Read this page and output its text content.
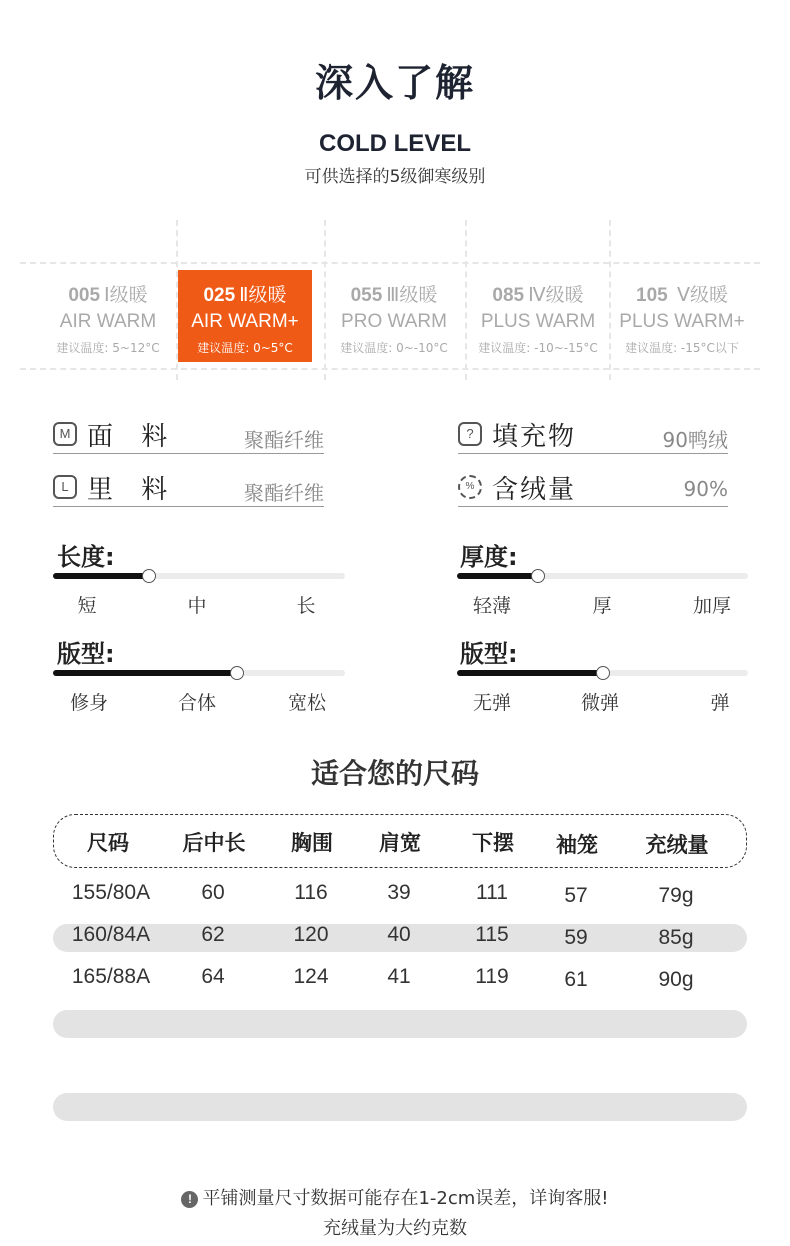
深入了解
COLD LEVEL
可供选择的5级御寒级别
005 Ⅰ级暖
AIR WARM
建议温度: 5~12°C
025 Ⅱ级暖
AIR WARM+
建议温度: 0~5°C
055 Ⅲ级暖
PRO WARM
建议温度: 0~-10°C
085 Ⅳ级暖
PLUS WARM
建议温度: -10~-15°C
105 Ⅴ级暖
PLUS WARM+
建议温度: -15°C以下
M 面 料	聚酯纤维	? 填充物	90鸭绒
L 里 料	聚酯纤维	% 含绒量	90%
长度:
短	中	长
厚度:
轻薄	厚	加厚
版型:
修身	合体	宽松
版型:
无弹	微弹	弹
适合您的尺码
尺码	后中长	胸围	肩宽	下摆	袖笼	充绒量
155/80A	60	116	39	111	57	79g
160/84A	62	120	40	115	59	85g
165/88A	64	124	41	119	61	90g
! 平铺测量尺寸数据可能存在1-2cm误差，详询客服!
充绒量为大约克数
